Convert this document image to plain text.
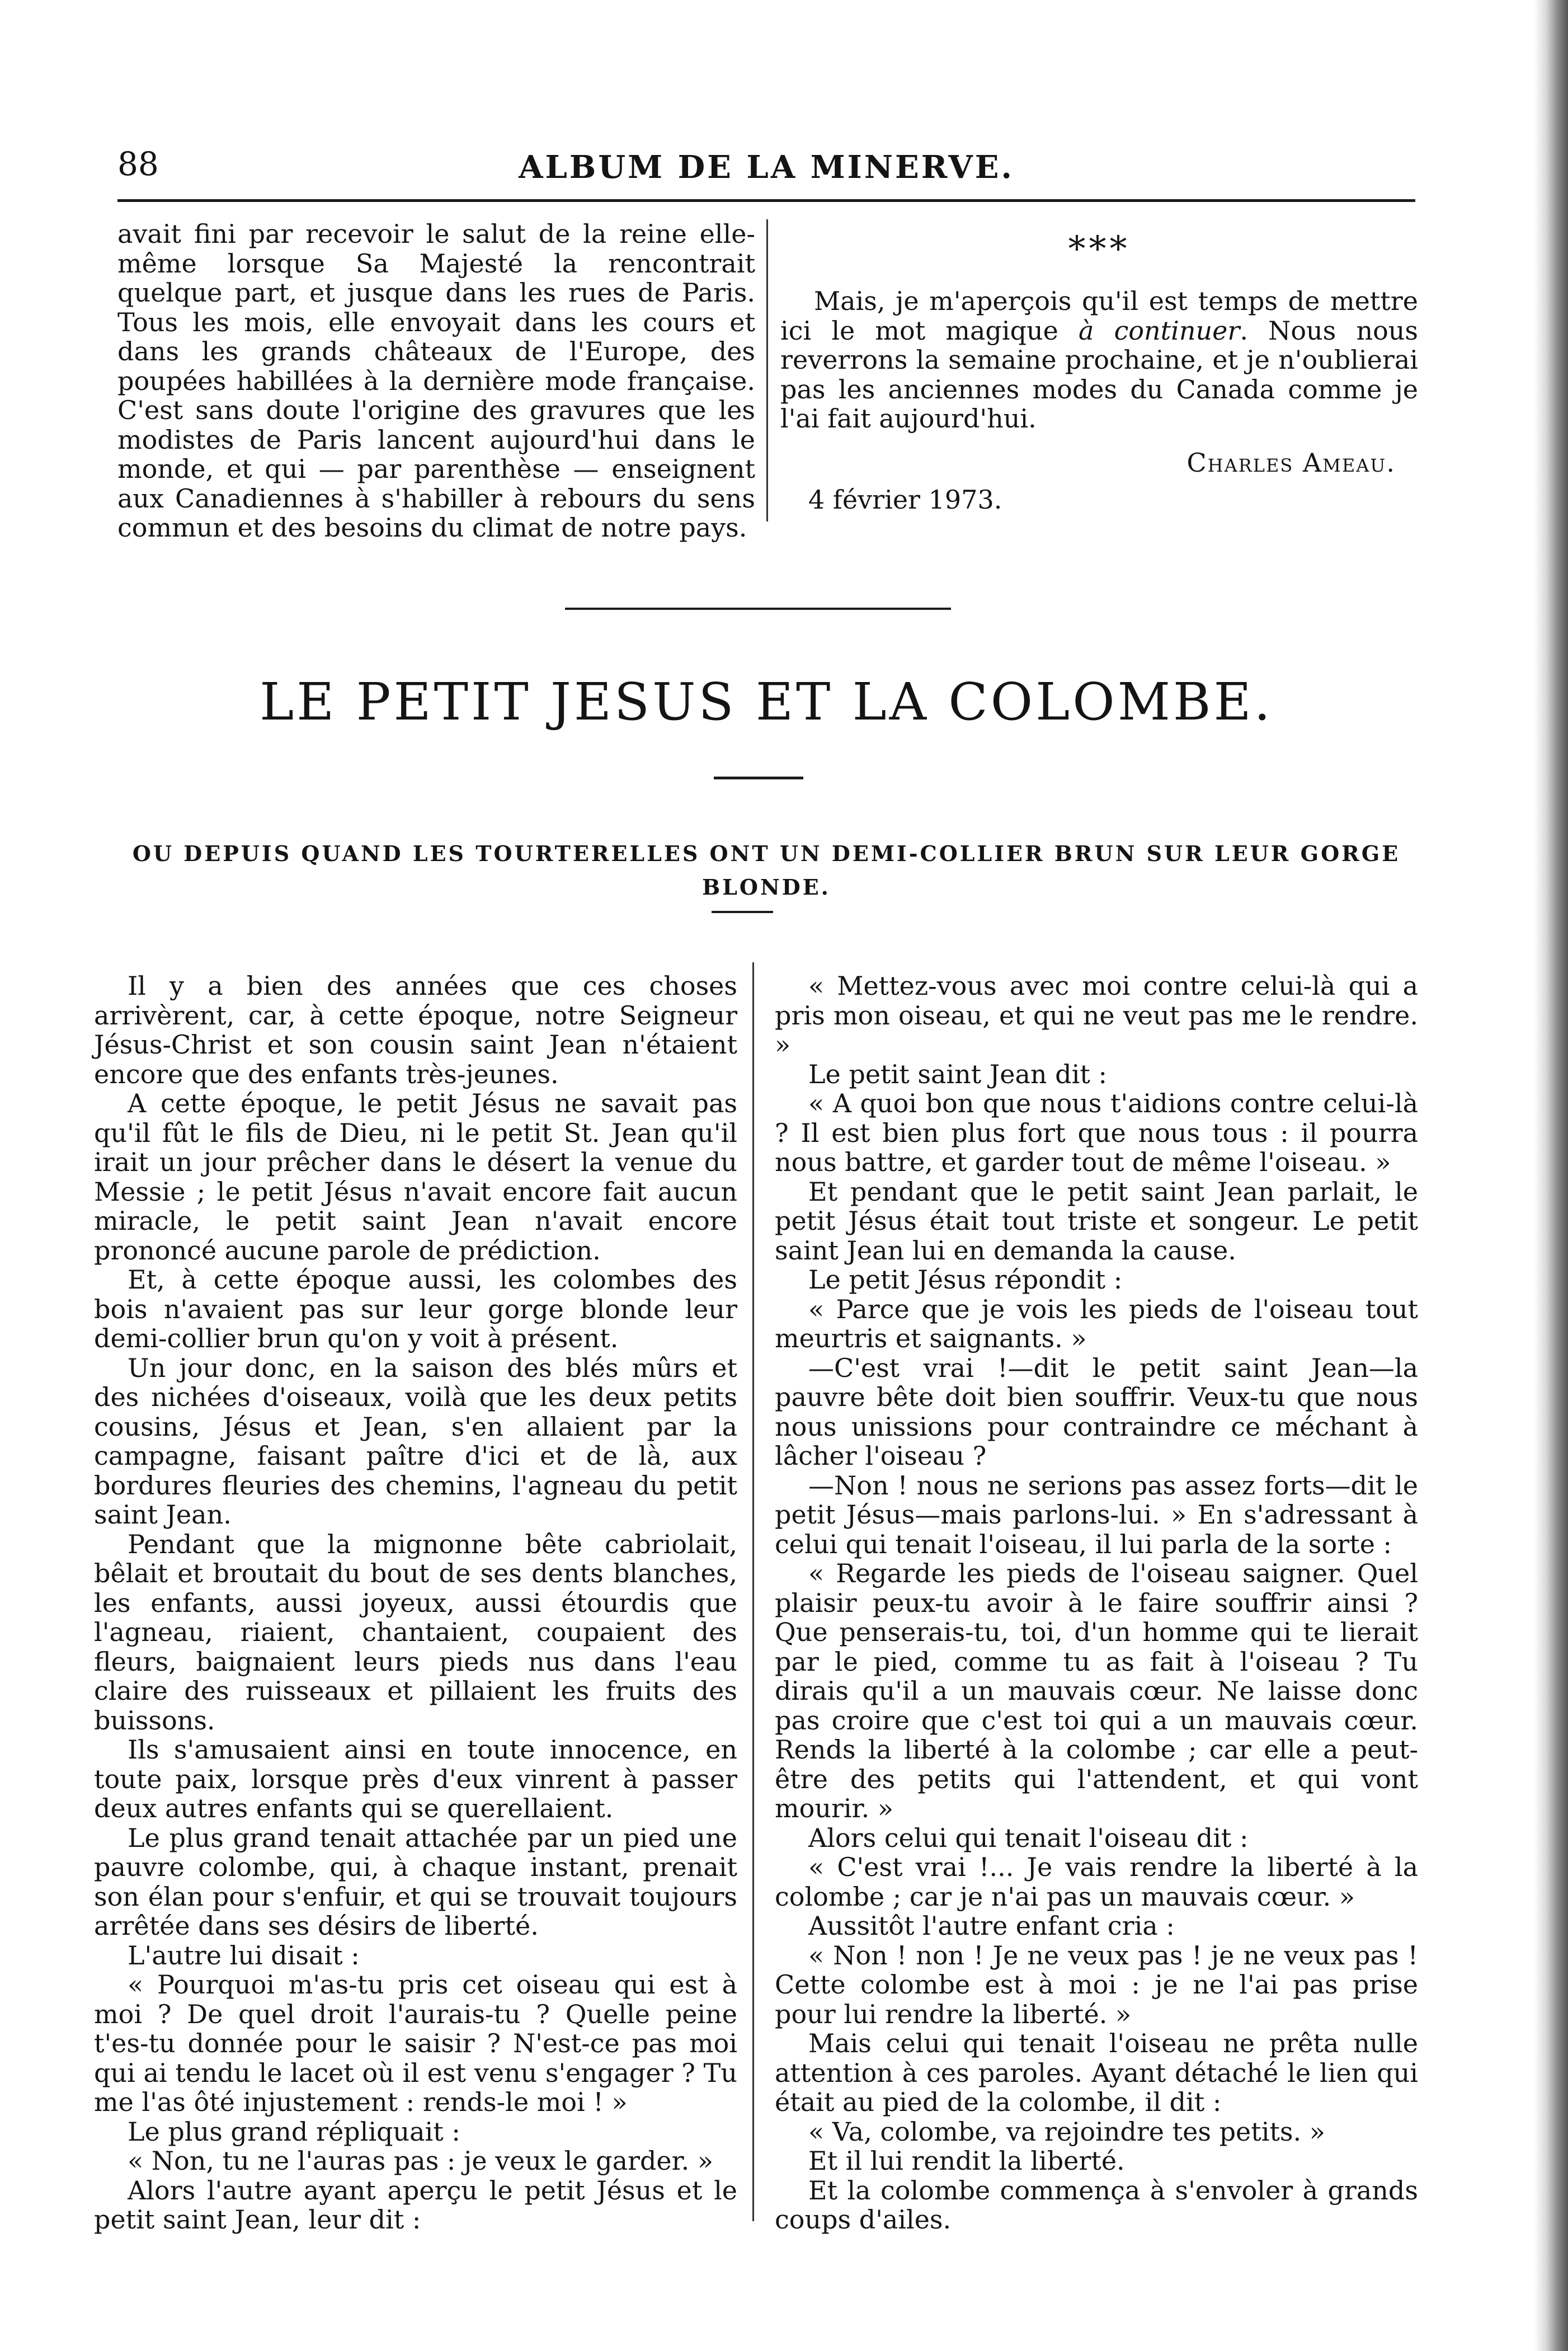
88	ALBUM DE LA MINERVE.

avait fini par recevoir le salut de la reine elle-même lorsque Sa Majesté la rencontrait quelque part, et jusque dans les rues de Paris. Tous les mois, elle envoyait dans les cours et dans les grands châteaux de l'Europe, des poupées habillées à la dernière mode française. C'est sans doute l'origine des gravures que les modistes de Paris lancent aujourd'hui dans le monde, et qui — par parenthèse — enseignent aux Canadiennes à s'habiller à rebours du sens commun et des besoins du climat de notre pays.

***

Mais, je m'aperçois qu'il est temps de mettre ici le mot magique à continuer. Nous nous reverrons la semaine prochaine, et je n'oublierai pas les anciennes modes du Canada comme je l'ai fait aujourd'hui.

Charles Ameau.
4 février 1973.
LE PETIT JESUS ET LA COLOMBE.
OU DEPUIS QUAND LES TOURTERELLES ONT UN DEMI-COLLIER BRUN SUR LEUR GORGE BLONDE.

Il y a bien des années que ces choses arrivèrent, car, à cette époque, notre Seigneur Jésus-Christ et son cousin saint Jean n'étaient encore que des enfants très-jeunes.

A cette époque, le petit Jésus ne savait pas qu'il fût le fils de Dieu, ni le petit St. Jean qu'il irait un jour prêcher dans le désert la venue du Messie ; le petit Jésus n'avait encore fait aucun miracle, le petit saint Jean n'avait encore prononcé aucune parole de prédiction.

Et, à cette époque aussi, les colombes des bois n'avaient pas sur leur gorge blonde leur demi-collier brun qu'on y voit à présent.

Un jour donc, en la saison des blés mûrs et des nichées d'oiseaux, voilà que les deux petits cousins, Jésus et Jean, s'en allaient par la campagne, faisant paître d'ici et de là, aux bordures fleuries des chemins, l'agneau du petit saint Jean.

Pendant que la mignonne bête cabriolait, bêlait et broutait du bout de ses dents blanches, les enfants, aussi joyeux, aussi étourdis que l'agneau, riaient, chantaient, coupaient des fleurs, baignaient leurs pieds nus dans l'eau claire des ruisseaux et pillaient les fruits des buissons.

Ils s'amusaient ainsi en toute innocence, en toute paix, lorsque près d'eux vinrent à passer deux autres enfants qui se querellaient.

Le plus grand tenait attachée par un pied une pauvre colombe, qui, à chaque instant, prenait son élan pour s'enfuir, et qui se trouvait toujours arrêtée dans ses désirs de liberté.

L'autre lui disait :

« Pourquoi m'as-tu pris cet oiseau qui est à moi ? De quel droit l'aurais-tu ? Quelle peine t'es-tu donnée pour le saisir ? N'est-ce pas moi qui ai tendu le lacet où il est venu s'engager ? Tu me l'as ôté injustement : rends-le moi ! »

Le plus grand répliquait :

« Non, tu ne l'auras pas : je veux le garder. »

Alors l'autre ayant aperçu le petit Jésus et le petit saint Jean, leur dit :

« Mettez-vous avec moi contre celui-là qui a pris mon oiseau, et qui ne veut pas me le rendre. »

Le petit saint Jean dit :

« A quoi bon que nous t'aidions contre celui-là ? Il est bien plus fort que nous tous : il pourra nous battre, et garder tout de même l'oiseau. »

Et pendant que le petit saint Jean parlait, le petit Jésus était tout triste et songeur. Le petit saint Jean lui en demanda la cause.

Le petit Jésus répondit :

« Parce que je vois les pieds de l'oiseau tout meurtris et saignants. »

—C'est vrai !—dit le petit saint Jean—la pauvre bête doit bien souffrir. Veux-tu que nous nous unissions pour contraindre ce méchant à lâcher l'oiseau ?

—Non ! nous ne serions pas assez forts—dit le petit Jésus—mais parlons-lui. » En s'adressant à celui qui tenait l'oiseau, il lui parla de la sorte :

« Regarde les pieds de l'oiseau saigner. Quel plaisir peux-tu avoir à le faire souffrir ainsi ? Que penserais-tu, toi, d'un homme qui te lierait par le pied, comme tu as fait à l'oiseau ? Tu dirais qu'il a un mauvais cœur. Ne laisse donc pas croire que c'est toi qui a un mauvais cœur. Rends la liberté à la colombe ; car elle a peut-être des petits qui l'attendent, et qui vont mourir. »

Alors celui qui tenait l'oiseau dit :

« C'est vrai !... Je vais rendre la liberté à la colombe ; car je n'ai pas un mauvais cœur. »

Aussitôt l'autre enfant cria :

« Non ! non ! Je ne veux pas ! je ne veux pas ! Cette colombe est à moi : je ne l'ai pas prise pour lui rendre la liberté. »

Mais celui qui tenait l'oiseau ne prêta nulle attention à ces paroles. Ayant détaché le lien qui était au pied de la colombe, il dit :

« Va, colombe, va rejoindre tes petits. »

Et il lui rendit la liberté.

Et la colombe commença à s'envoler à grands coups d'ailes.
